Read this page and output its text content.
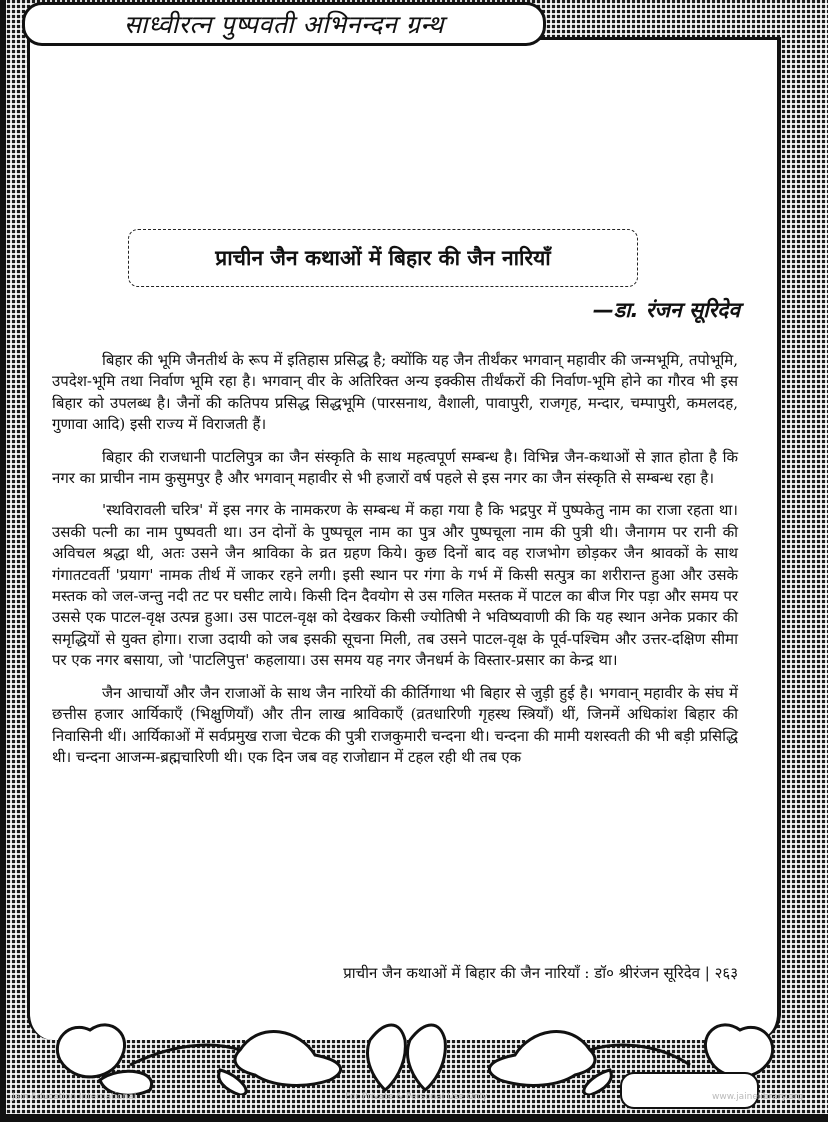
साध्वीरत्न पुष्पवती अभिनन्दन ग्रन्थ
प्राचीन जैन कथाओं में बिहार की जैन नारियाँ
—डा. रंजन सूरिदेव

बिहार की भूमि जैनतीर्थ के रूप में इतिहास प्रसिद्ध है; क्योंकि यह जैन तीर्थंकर भगवान् महावीर की जन्मभूमि, तपोभूमि, उपदेश-भूमि तथा निर्वाण भूमि रहा है। भगवान् वीर के अतिरिक्त अन्य इक्कीस तीर्थंकरों की निर्वाण-भूमि होने का गौरव भी इस बिहार को उपलब्ध है। जैनों की कतिपय प्रसिद्ध सिद्धभूमि (पारसनाथ, वैशाली, पावापुरी, राजगृह, मन्दार, चम्पापुरी, कमलदह, गुणावा आदि) इसी राज्य में विराजती हैं।

बिहार की राजधानी पाटलिपुत्र का जैन संस्कृति के साथ महत्वपूर्ण सम्बन्ध है। विभिन्न जैन-कथाओं से ज्ञात होता है कि नगर का प्राचीन नाम कुसुमपुर है और भगवान् महावीर से भी हजारों वर्ष पहले से इस नगर का जैन संस्कृति से सम्बन्ध रहा है।

'स्थविरावली चरित्र' में इस नगर के नामकरण के सम्बन्ध में कहा गया है कि भद्रपुर में पुष्पकेतु नाम का राजा रहता था। उसकी पत्नी का नाम पुष्पवती था। उन दोनों के पुष्पचूल नाम का पुत्र और पुष्पचूला नाम की पुत्री थी। जैनागम पर रानी की अविचल श्रद्धा थी, अतः उसने जैन श्राविका के व्रत ग्रहण किये। कुछ दिनों बाद वह राजभोग छोड़कर जैन श्रावकों के साथ गंगातटवर्ती 'प्रयाग' नामक तीर्थ में जाकर रहने लगी। इसी स्थान पर गंगा के गर्भ में किसी सत्पुत्र का शरीरान्त हुआ और उसके मस्तक को जल-जन्तु नदी तट पर घसीट लाये। किसी दिन दैवयोग से उस गलित मस्तक में पाटल का बीज गिर पड़ा और समय पर उससे एक पाटल-वृक्ष उत्पन्न हुआ। उस पाटल-वृक्ष को देखकर किसी ज्योतिषी ने भविष्यवाणी की कि यह स्थान अनेक प्रकार की समृद्धियों से युक्त होगा। राजा उदायी को जब इसकी सूचना मिली, तब उसने पाटल-वृक्ष के पूर्व-पश्चिम और उत्तर-दक्षिण सीमा पर एक नगर बसाया, जो 'पाटलिपुत्त' कहलाया। उस समय यह नगर जैनधर्म के विस्तार-प्रसार का केन्द्र था।

जैन आचार्यों और जैन राजाओं के साथ जैन नारियों की कीर्तिगाथा भी बिहार से जुड़ी हुई है। भगवान् महावीर के संघ में छत्तीस हजार आर्यिकाएँ (भिक्षुणियाँ) और तीन लाख श्राविकाएँ (व्रतधारिणी गृहस्थ स्त्रियाँ) थीं, जिनमें अधिकांश बिहार की निवासिनी थीं। आर्यिकाओं में सर्वप्रमुख राजा चेटक की पुत्री राजकुमारी चन्दना थी। चन्दना की मामी यशस्वती की भी बड़ी प्रसिद्धि थी। चन्दना आजन्म-ब्रह्मचारिणी थी। एक दिन जब वह राजोद्यान में टहल रही थी तब एक

प्राचीन जैन कथाओं में बिहार की जैन नारियाँ : डॉ० श्रीरंजन सूरिदेव | २६३
Jain Education International	For Private & Personal Use Only	www.jainelibrary.org
